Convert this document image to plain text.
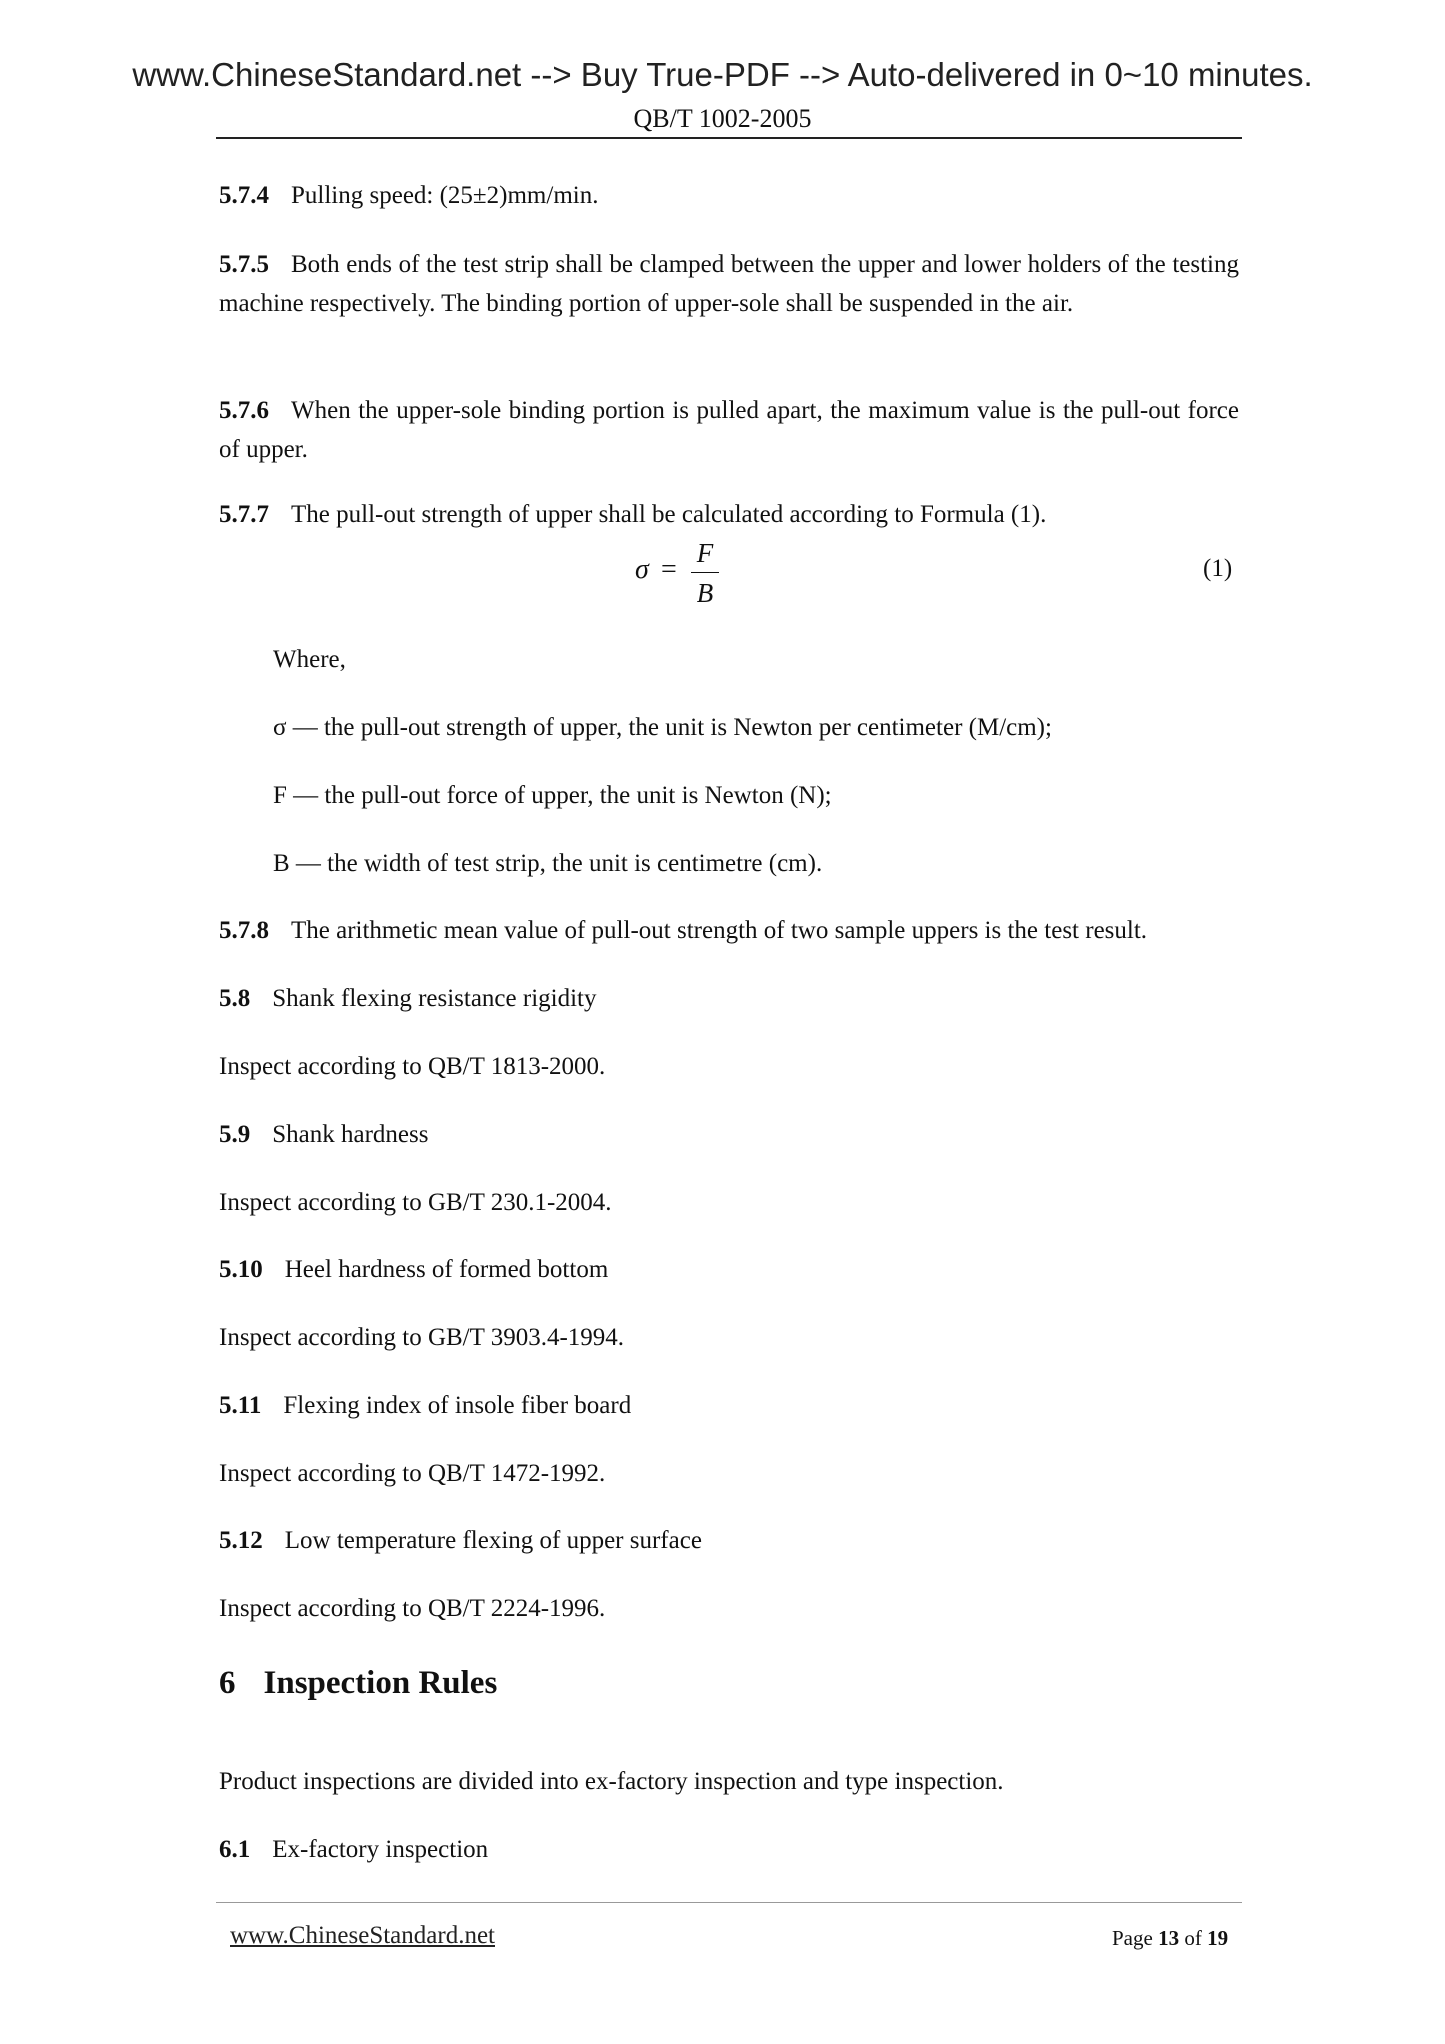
www.ChineseStandard.net --> Buy True-PDF --> Auto-delivered in 0~10 minutes.
QB/T 1002-2005

5.7.4 Pulling speed: (25±2)mm/min.

5.7.5 Both ends of the test strip shall be clamped between the upper and lower holders of the testing machine respectively. The binding portion of upper-sole shall be suspended in the air.

5.7.6 When the upper-sole binding portion is pulled apart, the maximum value is the pull-out force of upper.

5.7.7 The pull-out strength of upper shall be calculated according to Formula (1).

Where,

σ — the pull-out strength of upper, the unit is Newton per centimeter (M/cm);

F — the pull-out force of upper, the unit is Newton (N);

B — the width of test strip, the unit is centimetre (cm).

5.7.8 The arithmetic mean value of pull-out strength of two sample uppers is the test result.

5.8 Shank flexing resistance rigidity

Inspect according to QB/T 1813-2000.

5.9 Shank hardness

Inspect according to GB/T 230.1-2004.

5.10 Heel hardness of formed bottom

Inspect according to GB/T 3903.4-1994.

5.11 Flexing index of insole fiber board

Inspect according to QB/T 1472-1992.

5.12 Low temperature flexing of upper surface

Inspect according to QB/T 2224-1996.

Product inspections are divided into ex-factory inspection and type inspection.

6.1 Ex-factory inspection

σ =
F
B
(1)
6 Inspection Rules
www.ChineseStandard.net	Page 13 of 19
